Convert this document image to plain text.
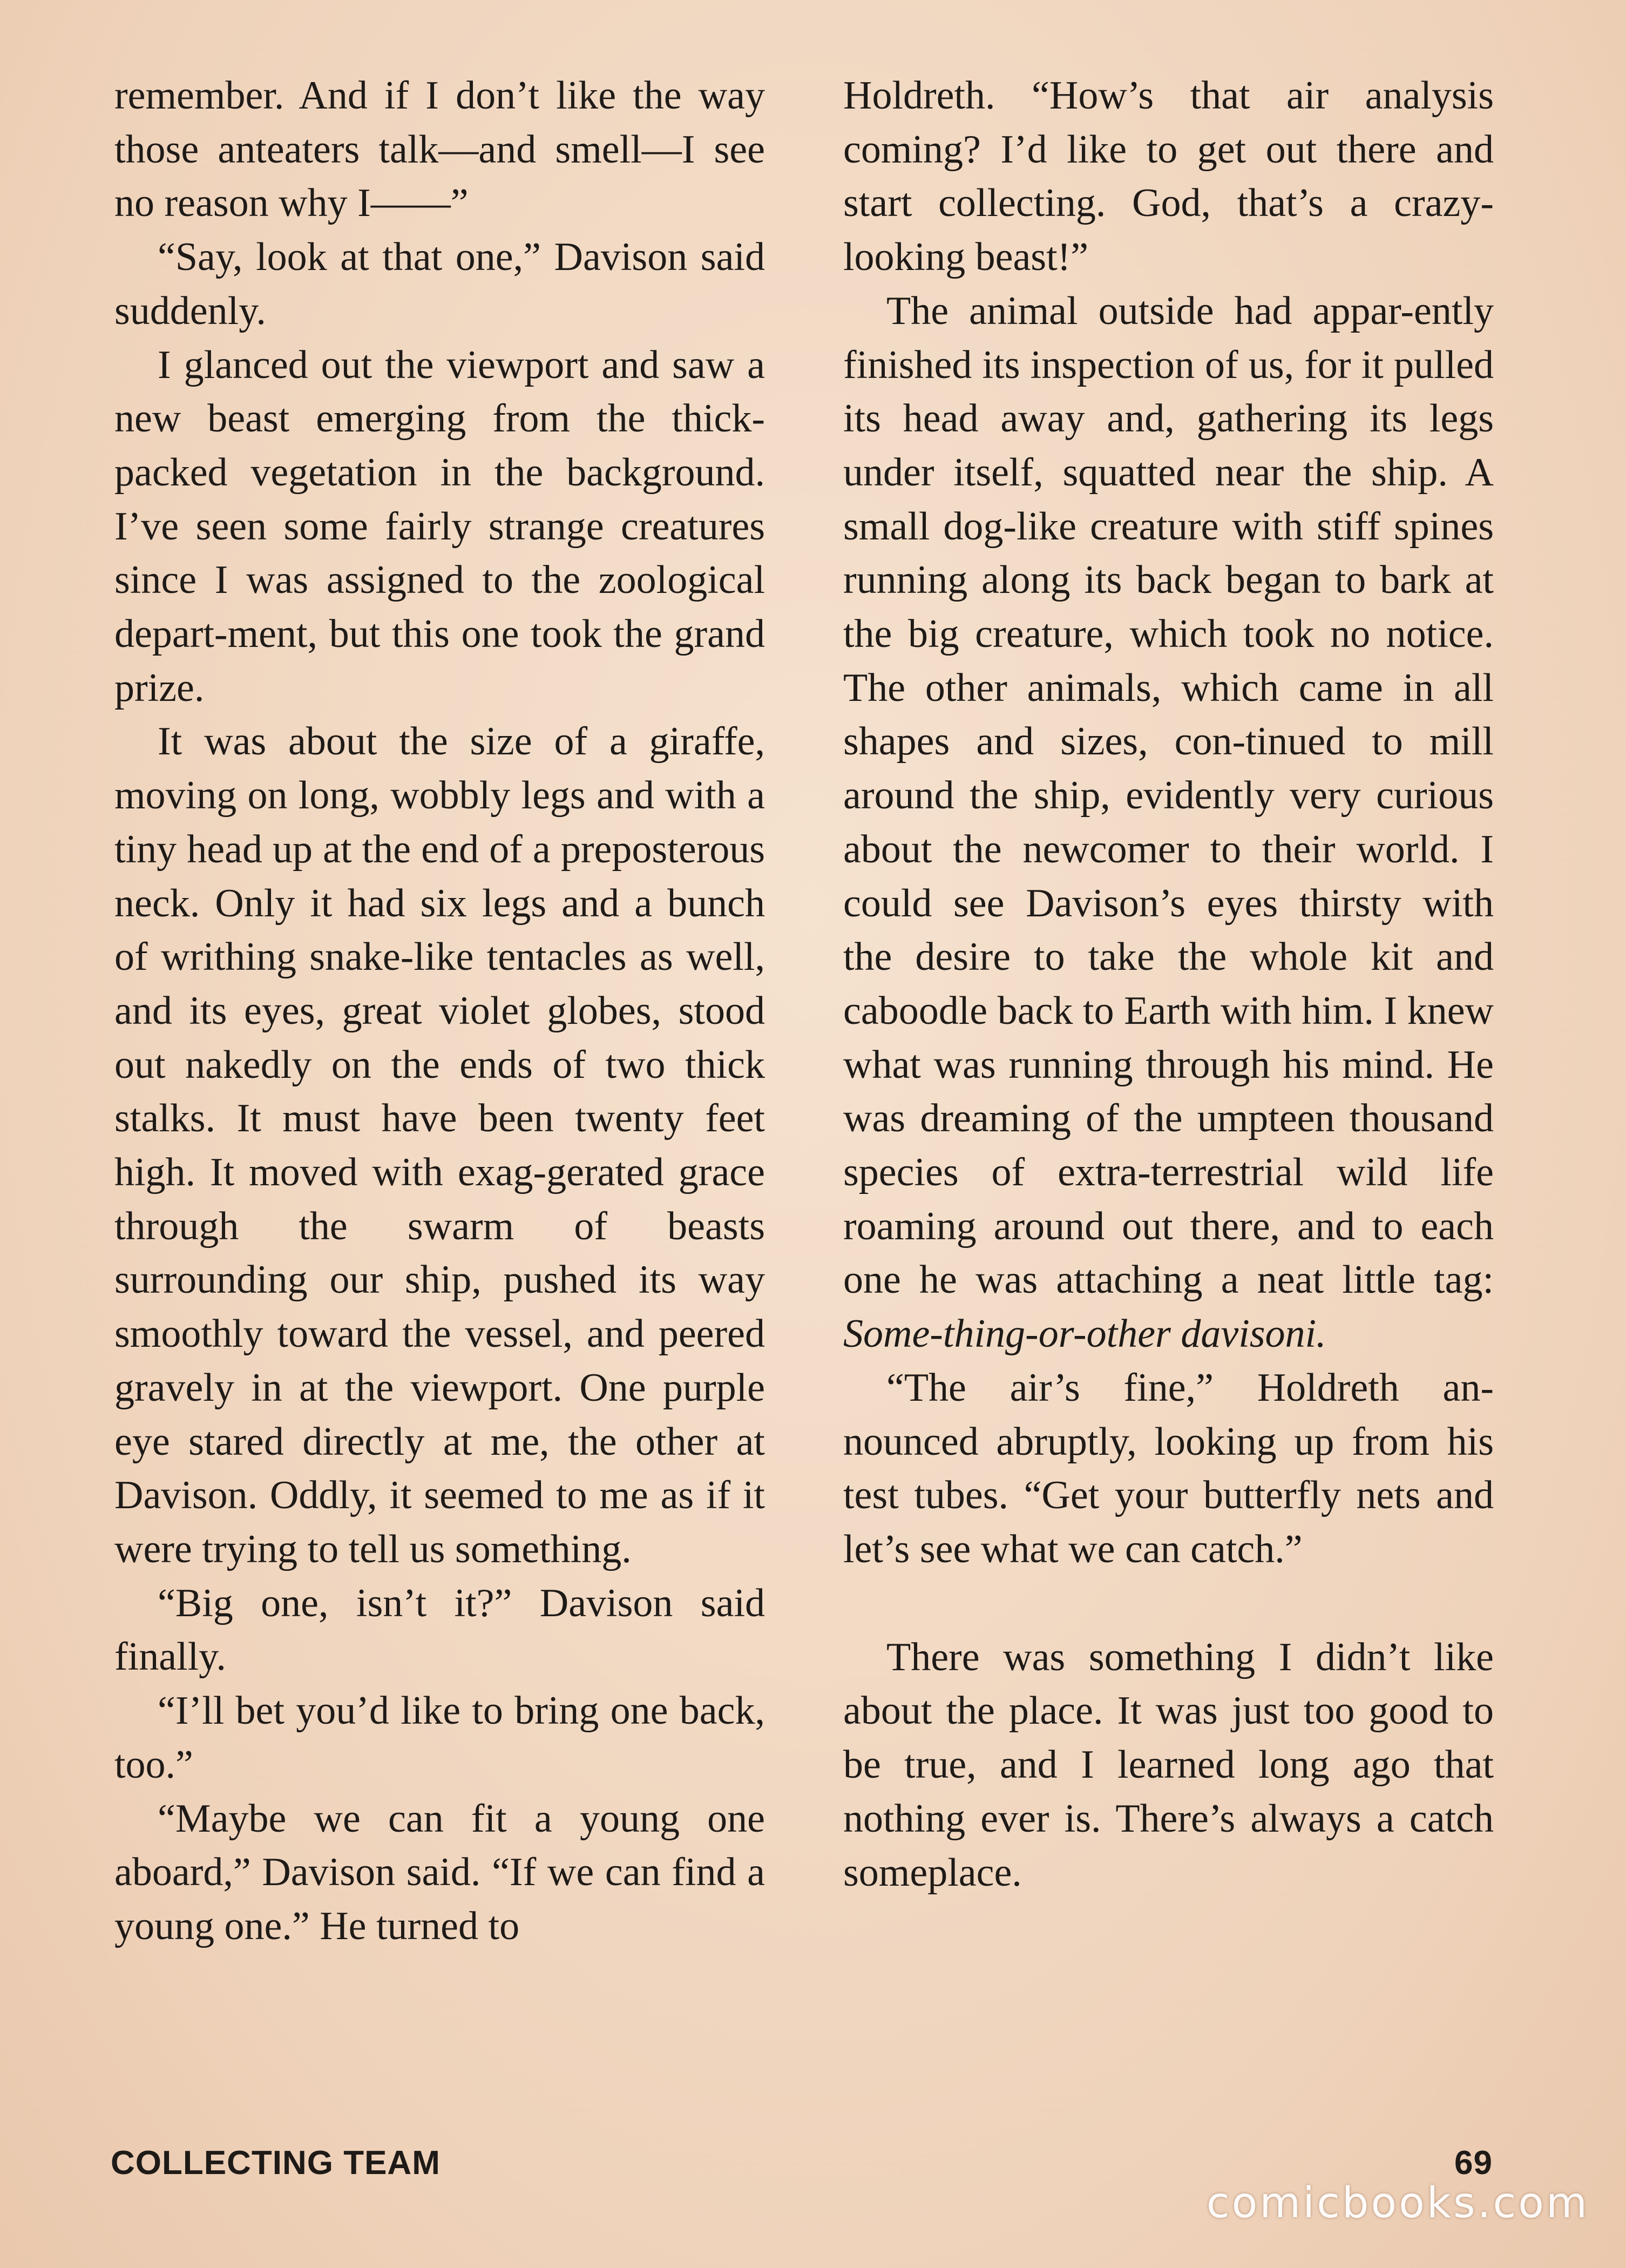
remember. And if I don’t like the way those anteaters talk—and smell—I see no reason why I——”

“Say, look at that one,” Davison said suddenly.

I glanced out the viewport and saw a new beast emerging from the thick-packed vegetation in the background. I’ve seen some fairly strange creatures since I was assigned to the zoological depart-ment, but this one took the grand prize.

It was about the size of a giraffe, moving on long, wobbly legs and with a tiny head up at the end of a preposterous neck. Only it had six legs and a bunch of writhing snake-like tentacles as well, and its eyes, great violet globes, stood out nakedly on the ends of two thick stalks. It must have been twenty feet high. It moved with exag-gerated grace through the swarm of beasts surrounding our ship, pushed its way smoothly toward the vessel, and peered gravely in at the viewport. One purple eye stared directly at me, the other at Davison. Oddly, it seemed to me as if it were trying to tell us something.

“Big one, isn’t it?” Davison said finally.

“I’ll bet you’d like to bring one back, too.”

“Maybe we can fit a young one aboard,” Davison said. “If we can find a young one.” He turned to

Holdreth. “How’s that air analysis coming? I’d like to get out there and start collecting. God, that’s a crazy-looking beast!”

The animal outside had appar-ently finished its inspection of us, for it pulled its head away and, gathering its legs under itself, squatted near the ship. A small dog-like creature with stiff spines running along its back began to bark at the big creature, which took no notice. The other animals, which came in all shapes and sizes, con-tinued to mill around the ship, evidently very curious about the newcomer to their world. I could see Davison’s eyes thirsty with the desire to take the whole kit and caboodle back to Earth with him. I knew what was running through his mind. He was dreaming of the umpteen thousand species of extra-terrestrial wild life roaming around out there, and to each one he was attaching a neat little tag: Some-thing-or-other davisoni.

“The air’s fine,” Holdreth an-nounced abruptly, looking up from his test tubes. “Get your butterfly nets and let’s see what we can catch.”

There was something I didn’t like about the place. It was just too good to be true, and I learned long ago that nothing ever is. There’s always a catch someplace.

COLLECTING TEAM	69
comicbooks.com
